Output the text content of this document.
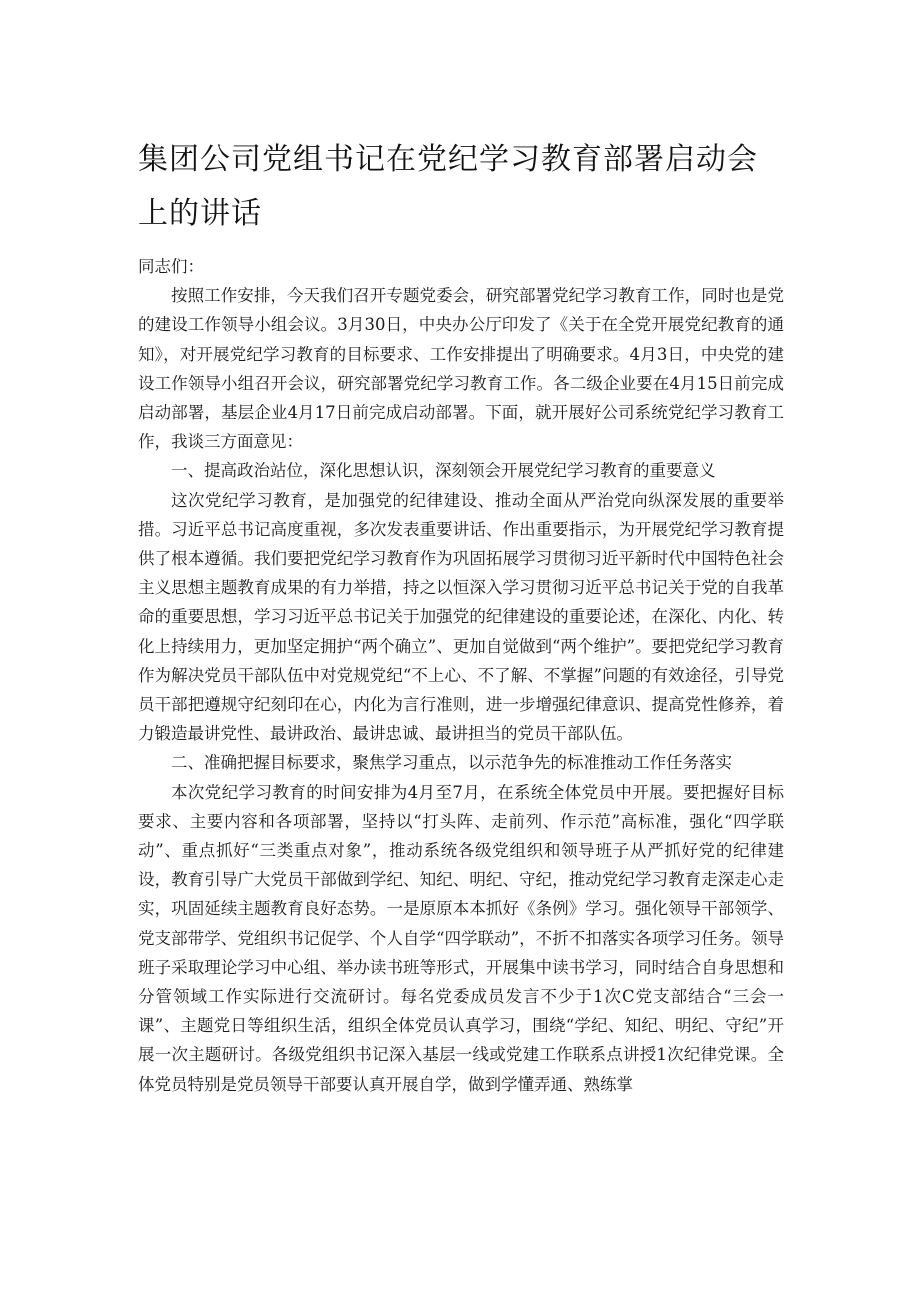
集团公司党组书记在党纪学习教育部署启动会上的讲话

同志们：

按照工作安排，今天我们召开专题党委会，研究部署党纪学习教育工作，同时也是党的建设工作领导小组会议。3月30日，中央办公厅印发了《关于在全党开展党纪教育的通知》，对开展党纪学习教育的目标要求、工作安排提出了明确要求。4月3日，中央党的建设工作领导小组召开会议，研究部署党纪学习教育工作。各二级企业要在4月15日前完成启动部署，基层企业4月17日前完成启动部署。下面，就开展好公司系统党纪学习教育工作，我谈三方面意见：

一、提高政治站位，深化思想认识，深刻领会开展党纪学习教育的重要意义

这次党纪学习教育，是加强党的纪律建设、推动全面从严治党向纵深发展的重要举措。习近平总书记高度重视，多次发表重要讲话、作出重要指示，为开展党纪学习教育提供了根本遵循。我们要把党纪学习教育作为巩固拓展学习贯彻习近平新时代中国特色社会主义思想主题教育成果的有力举措，持之以恒深入学习贯彻习近平总书记关于党的自我革命的重要思想，学习习近平总书记关于加强党的纪律建设的重要论述，在深化、内化、转化上持续用力，更加坚定拥护“两个确立”、更加自觉做到“两个维护”。要把党纪学习教育作为解决党员干部队伍中对党规党纪“不上心、不了解、不掌握”问题的有效途径，引导党员干部把遵规守纪刻印在心，内化为言行准则，进一步增强纪律意识、提高党性修养，着力锻造最讲党性、最讲政治、最讲忠诚、最讲担当的党员干部队伍。

二、准确把握目标要求，聚焦学习重点，以示范争先的标准推动工作任务落实

本次党纪学习教育的时间安排为4月至7月，在系统全体党员中开展。要把握好目标要求、主要内容和各项部署，坚持以“打头阵、走前列、作示范”高标准，强化“四学联动”、重点抓好“三类重点对象”，推动系统各级党组织和领导班子从严抓好党的纪律建设，教育引导广大党员干部做到学纪、知纪、明纪、守纪，推动党纪学习教育走深走心走实，巩固延续主题教育良好态势。一是原原本本抓好《条例》学习。强化领导干部领学、党支部带学、党组织书记促学、个人自学“四学联动”，不折不扣落实各项学习任务。领导班子采取理论学习中心组、举办读书班等形式，开展集中读书学习，同时结合自身思想和分管领域工作实际进行交流研讨。每名党委成员发言不少于1次C党支部结合“三会一课”、主题党日等组织生活，组织全体党员认真学习，围绕“学纪、知纪、明纪、守纪”开展一次主题研讨。各级党组织书记深入基层一线或党建工作联系点讲授1次纪律党课。全体党员特别是党员领导干部要认真开展自学，做到学懂弄通、熟练掌
